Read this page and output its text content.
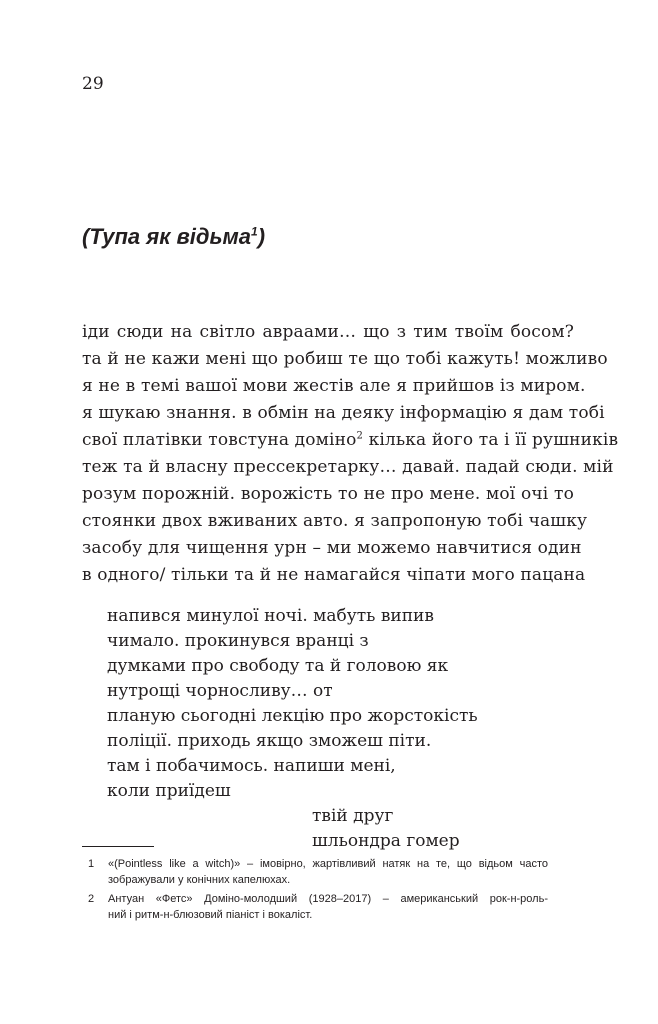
29
(Тупа як відьма$^1$)
іди сюди на світло авраами… що з тим твоїм босом?
та й не кажи мені що робиш те що тобі кажуть! можливо
я не в темі вашої мови жестів але я прийшов із миром.
я шукаю знання. в обмін на деяку інформацію я дам тобі
свої платівки товстуна доміно$^2$ кілька його та і її рушників
теж та й власну прессекретарку… давай. падай сюди. мій
розум порожній. ворожість то не про мене. мої очі то
стоянки двох вживаних авто. я запропоную тобі чашку
засобу для чищення урн – ми можемо навчитися один
в одного/ тільки та й не намагайся чіпати мого пацана
напився минулої ночі. мабуть випив
чимало. прокинувся вранці з
думками про свободу та й головою як
нутрощі чорносливу… от
планую сьогодні лекцію про жорстокість
поліції. приходь якщо зможеш піти.
там і побачимось. напиши мені,
коли приїдеш
твій друг
шльондра гомер
1 «(Pointless like a witch)» – імовірно, жартівливий натяк на те, що відьом часто
зображували у конічних капелюхах.
2 Антуан «Фетс» Доміно-молодший (1928–2017) – американський рок-н-роль-
ний і ритм-н-блюзовий піаніст і вокаліст.
